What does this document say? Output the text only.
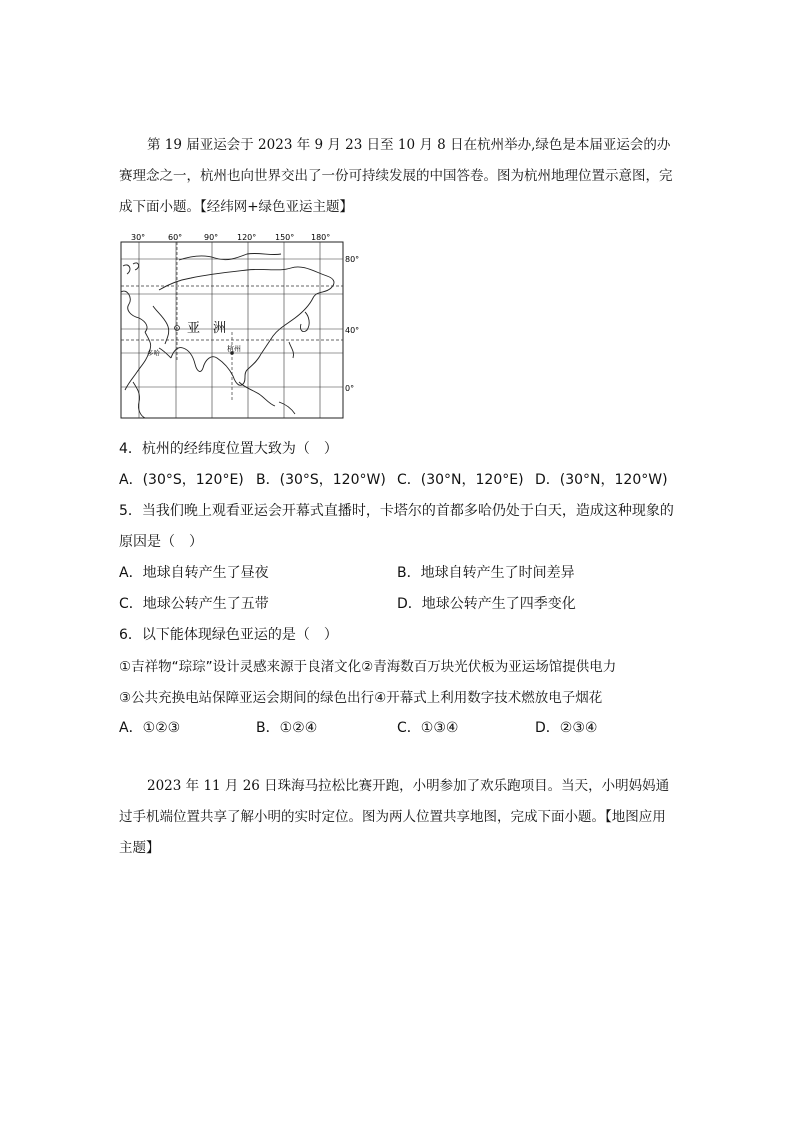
第 19 届亚运会于 2023 年 9 月 23 日至 10 月 8 日在杭州举办,绿色是本届亚运会的办赛理念之一，杭州也向世界交出了一份可持续发展的中国答卷。图为杭州地理位置示意图，完成下面小题。【经纬网+绿色亚运主题】
30°	60°	90° 120° 150° 180°
80°
40°
0°
亚　洲
杭州
多哈
4．杭州的经纬度位置大致为（　）
A．(30°S，120°E) B．(30°S，120°W) C．(30°N，120°E) D．(30°N，120°W)
5．当我们晚上观看亚运会开幕式直播时，卡塔尔的首都多哈仍处于白天，造成这种现象的
原因是（　）
A．地球自转产生了昼夜	B．地球自转产生了时间差异
C．地球公转产生了五带	D．地球公转产生了四季变化
6．以下能体现绿色亚运的是（　）
①吉祥物“琮琮”设计灵感来源于良渚文化②青海数百万块光伏板为亚运场馆提供电力
③公共充换电站保障亚运会期间的绿色出行④开幕式上利用数字技术燃放电子烟花
A．①②③	B．①②④	C．①③④	D．②③④
2023 年 11 月 26 日珠海马拉松比赛开跑，小明参加了欢乐跑项目。当天，小明妈妈通过手机端位置共享了解小明的实时定位。图为两人位置共享地图，完成下面小题。【地图应用主题】
